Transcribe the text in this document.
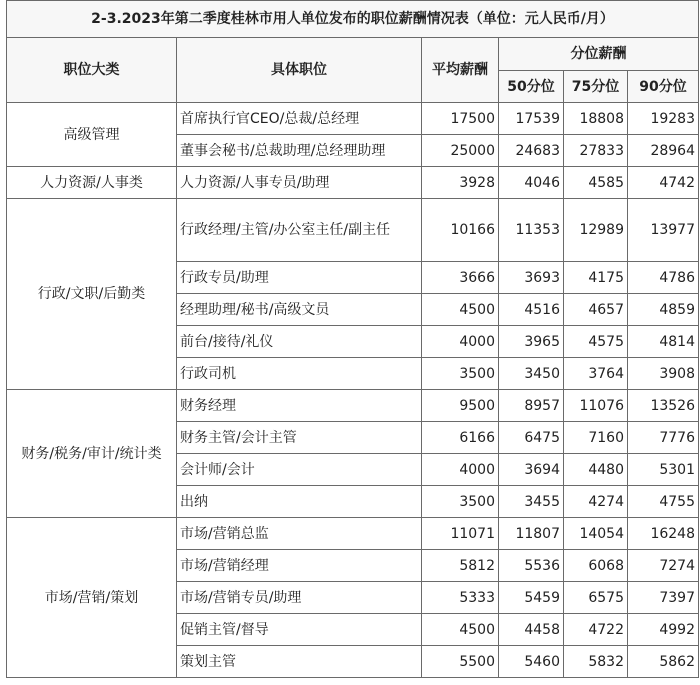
2-3.2023年第二季度桂林市用人单位发布的职位薪酬情况表（单位：元人民币/月）					
职位大类	具体职位	平均薪酬	分位薪酬		
			50分位	75分位	90分位
高级管理	首席执行官CEO/总裁/总经理	17500	17539	18808	19283
	董事会秘书/总裁助理/总经理助理	25000	24683	27833	28964
人力资源/人事类	人力资源/人事专员/助理	3928	4046	4585	4742
行政/文职/后勤类	行政经理/主管/办公室主任/副主任	10166	11353	12989	13977
	行政专员/助理	3666	3693	4175	4786
	经理助理/秘书/高级文员	4500	4516	4657	4859
	前台/接待/礼仪	4000	3965	4575	4814
	行政司机	3500	3450	3764	3908
财务/税务/审计/统计类	财务经理	9500	8957	11076	13526
	财务主管/会计主管	6166	6475	7160	7776
	会计师/会计	4000	3694	4480	5301
	出纳	3500	3455	4274	4755
市场/营销/策划	市场/营销总监	11071	11807	14054	16248
	市场/营销经理	5812	5536	6068	7274
	市场/营销专员/助理	5333	5459	6575	7397
	促销主管/督导	4500	4458	4722	4992
	策划主管	5500	5460	5832	5862
